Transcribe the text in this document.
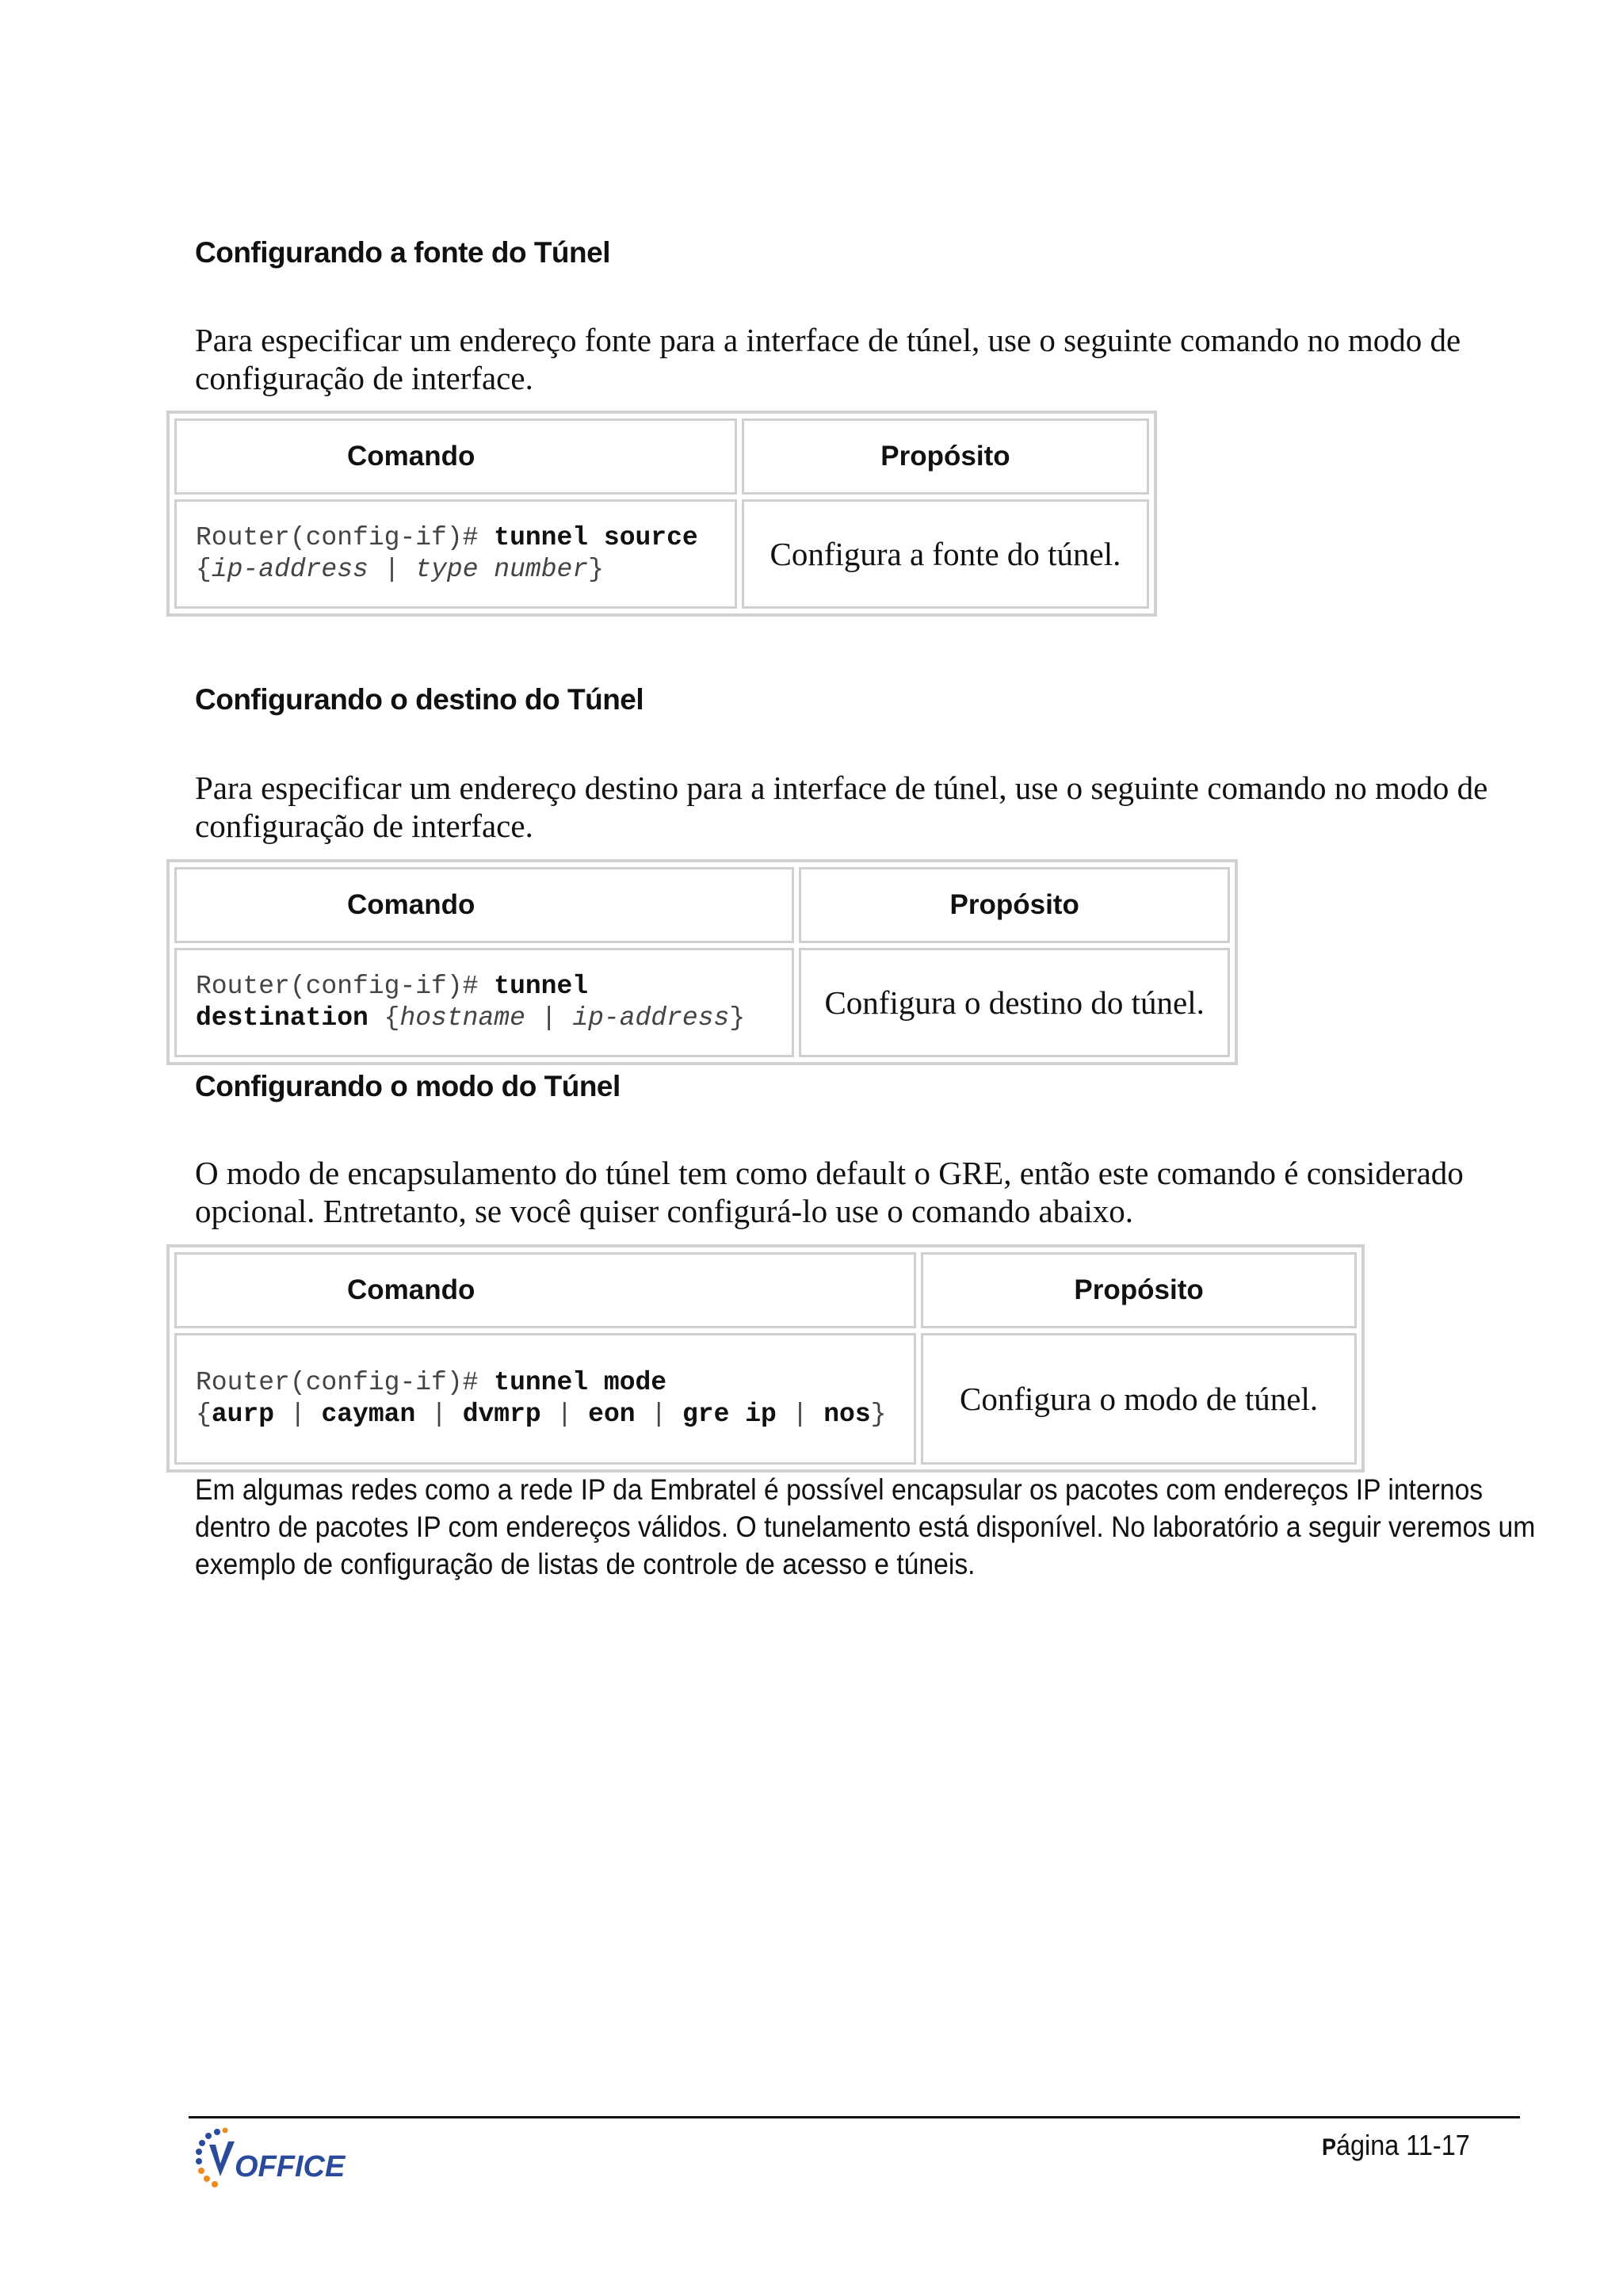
Configurando a fonte do Túnel

Para especificar um endereço fonte para a interface de túnel, use o seguinte comando no modo de configuração de interface.

Comando	Propósito
Router(config-if)# tunnel source
{ip-address | type number}	Configura a fonte do túnel.
Configurando o destino do Túnel

Para especificar um endereço destino para a interface de túnel, use o seguinte comando no modo de configuração de interface.

Comando	Propósito
Router(config-if)# tunnel
destination {hostname | ip-address}	Configura o destino do túnel.
Configurando o modo do Túnel

O modo de encapsulamento do túnel tem como default o GRE, então este comando é considerado opcional. Entretanto, se você quiser configurá-lo use o comando abaixo.

Comando	Propósito
Router(config-if)# tunnel mode
{aurp | cayman | dvmrp | eon | gre ip | nos}	Configura o modo de túnel.

Em algumas redes como a rede IP da Embratel é possível encapsular os pacotes com endereços IP internos dentro de pacotes IP com endereços válidos. O tunelamento está disponível. No laboratório a seguir veremos um exemplo de configuração de listas de controle de acesso e túneis.

OFFICE
Página 11-17
